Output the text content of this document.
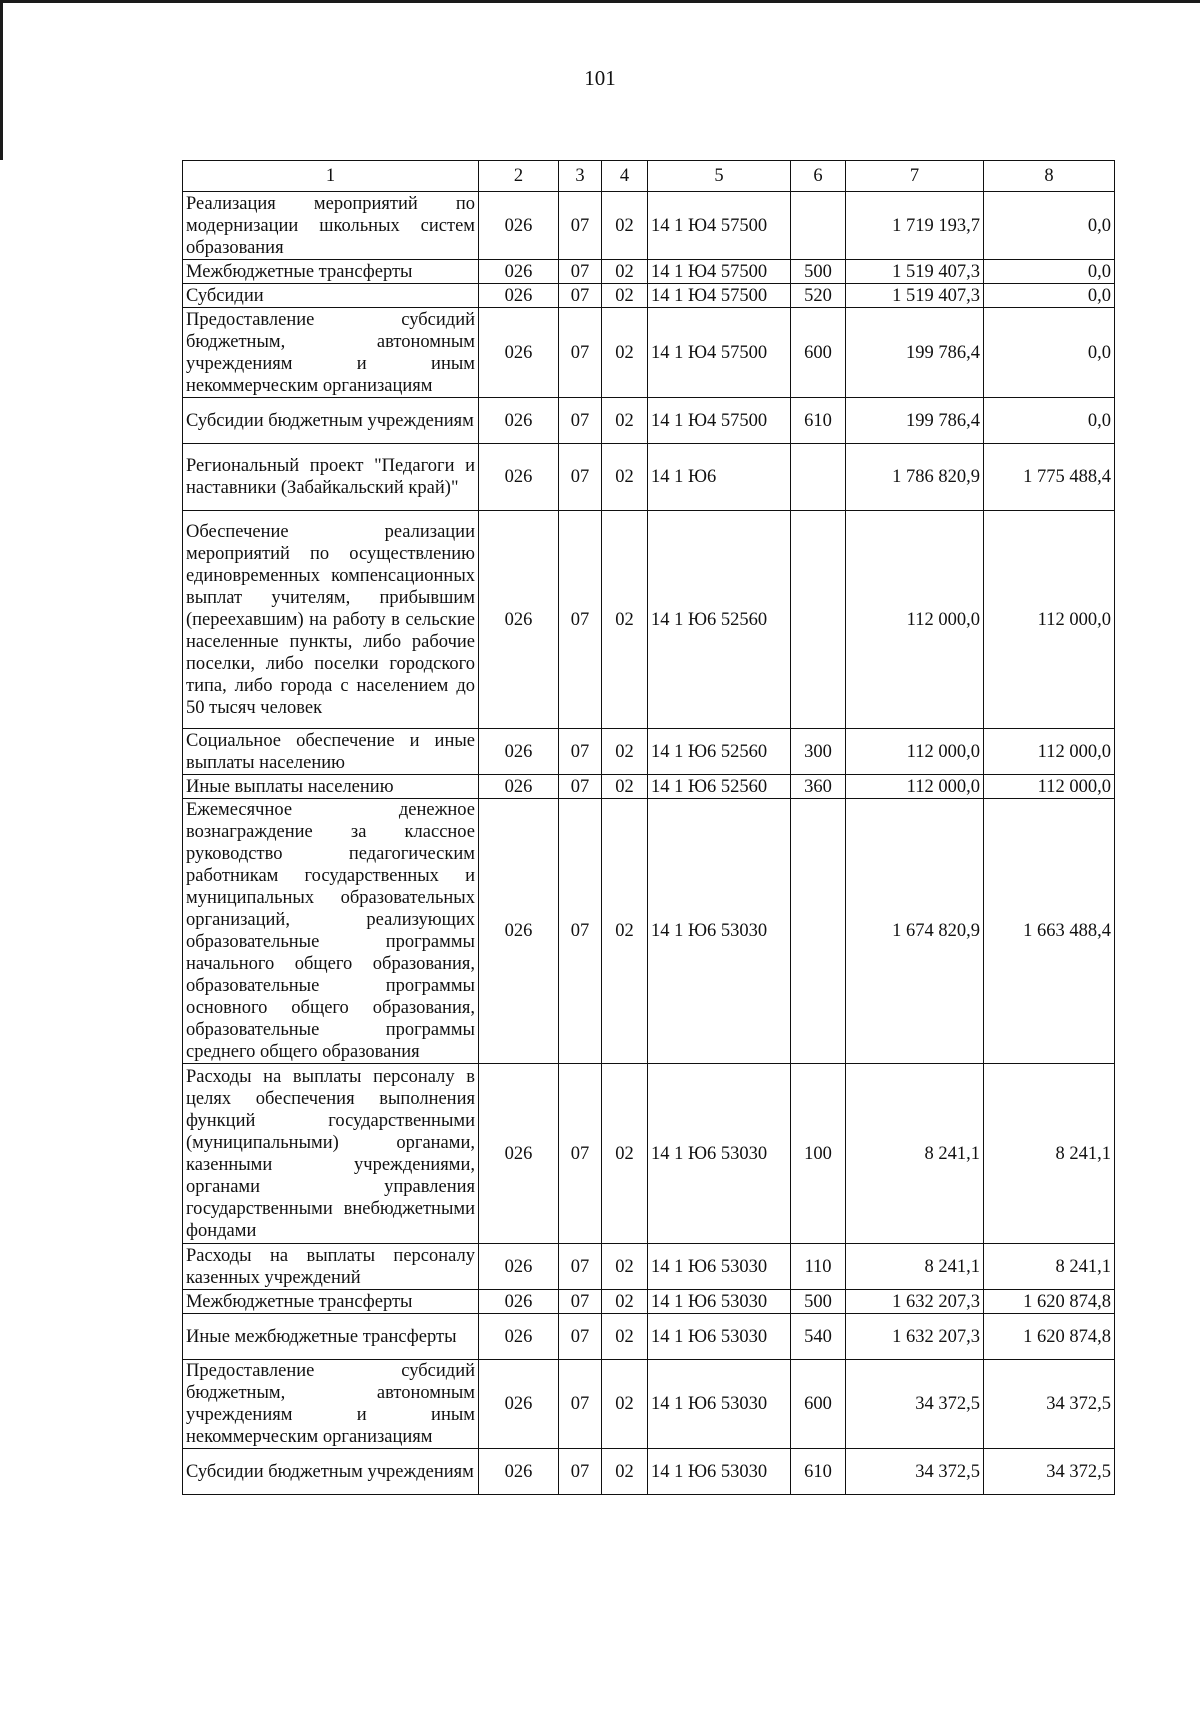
101
1	2	3	4	5	6	7	8
Реализация мероприятий по модернизации школьных систем образования	026	07	02	14 1 Ю4 57500		1 719 193,7	0,0
Межбюджетные трансферты	026	07	02	14 1 Ю4 57500	500	1 519 407,3	0,0
Субсидии	026	07	02	14 1 Ю4 57500	520	1 519 407,3	0,0
Предоставление субсидий бюджетным, автономным учреждениям и иным некоммерческим организациям	026	07	02	14 1 Ю4 57500	600	199 786,4	0,0
Субсидии бюджетным учреждениям	026	07	02	14 1 Ю4 57500	610	199 786,4	0,0
Региональный проект "Педагоги и наставники (Забайкальский край)"	026	07	02	14 1 Ю6		1 786 820,9	1 775 488,4
Обеспечение реализации мероприятий по осуществлению единовременных компенсационных выплат учителям, прибывшим (переехавшим) на работу в сельские населенные пункты, либо рабочие поселки, либо поселки городского типа, либо города с населением до 50 тысяч человек	026	07	02	14 1 Ю6 52560		112 000,0	112 000,0
Социальное обеспечение и иные выплаты населению	026	07	02	14 1 Ю6 52560	300	112 000,0	112 000,0
Иные выплаты населению	026	07	02	14 1 Ю6 52560	360	112 000,0	112 000,0
Ежемесячное денежное вознаграждение за классное руководство педагогическим работникам государственных и муниципальных образовательных организаций, реализующих образовательные программы начального общего образования, образовательные программы основного общего образования, образовательные программы среднего общего образования	026	07	02	14 1 Ю6 53030		1 674 820,9	1 663 488,4
Расходы на выплаты персоналу в целях обеспечения выполнения функций государственными (муниципальными) органами, казенными учреждениями, органами управления государственными внебюджетными фондами	026	07	02	14 1 Ю6 53030	100	8 241,1	8 241,1
Расходы на выплаты персоналу казенных учреждений	026	07	02	14 1 Ю6 53030	110	8 241,1	8 241,1
Межбюджетные трансферты	026	07	02	14 1 Ю6 53030	500	1 632 207,3	1 620 874,8
Иные межбюджетные трансферты	026	07	02	14 1 Ю6 53030	540	1 632 207,3	1 620 874,8
Предоставление субсидий бюджетным, автономным учреждениям и иным некоммерческим организациям	026	07	02	14 1 Ю6 53030	600	34 372,5	34 372,5
Субсидии бюджетным учреждениям	026	07	02	14 1 Ю6 53030	610	34 372,5	34 372,5
